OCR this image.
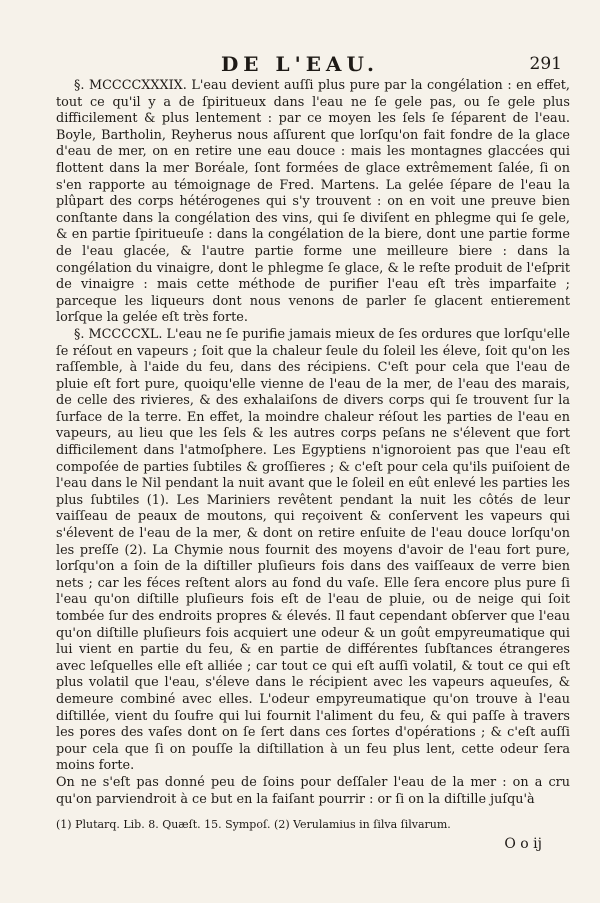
DE L'EAU.	291

§. MCCCCXXXIX. L'eau devient auſſi plus pure par la congélation : en effet, tout ce qu'il y a de ſpiritueux dans l'eau ne ſe gele pas, ou ſe gele plus difficilement & plus lentement : par ce moyen les ſels ſe ſéparent de l'eau. Boyle, Bartholin, Reyherus nous aſſurent que lorſqu'on fait fondre de la glace d'eau de mer, on en retire une eau douce : mais les montagnes glaccées qui flottent dans la mer Boréale, ſont formées de glace extrêmement ſalée, ſi on s'en rapporte au témoignage de Fred. Martens. La gelée ſépare de l'eau la plûpart des corps hétérogenes qui s'y trouvent : on en voit une preuve bien conſtante dans la congélation des vins, qui ſe diviſent en phlegme qui ſe gele, & en partie ſpiritueuſe : dans la congélation de la biere, dont une partie forme de l'eau glacée, & l'autre partie forme une meilleure biere : dans la congélation du vinaigre, dont le phlegme ſe glace, & le reſte produit de l'eſprit de vinaigre : mais cette méthode de purifier l'eau eſt très imparfaite ; parceque les liqueurs dont nous venons de parler ſe glacent entierement lorſque la gelée eſt très forte.

§. MCCCCXL. L'eau ne ſe purifie jamais mieux de ſes ordures que lorſqu'elle ſe réſout en vapeurs ; ſoit que la chaleur ſeule du ſoleil les éleve, ſoit qu'on les raſſemble, à l'aide du feu, dans des récipiens. C'eſt pour cela que l'eau de pluie eſt fort pure, quoiqu'elle vienne de l'eau de la mer, de l'eau des marais, de celle des rivieres, & des exhalaiſons de divers corps qui ſe trouvent ſur la ſurface de la terre. En effet, la moindre chaleur réſout les parties de l'eau en vapeurs, au lieu que les ſels & les autres corps peſans ne s'élevent que fort difficilement dans l'atmoſphere. Les Egyptiens n'ignoroient pas que l'eau eſt compoſée de parties ſubtiles & groſſieres ; & c'eſt pour cela qu'ils puiſoient de l'eau dans le Nil pendant la nuit avant que le ſoleil en eût enlevé les parties les plus ſubtiles (1). Les Mariniers revêtent pendant la nuit les côtés de leur vaiſſeau de peaux de moutons, qui reçoivent & conſervent les vapeurs qui s'élevent de l'eau de la mer, & dont on retire enſuite de l'eau douce lorſqu'on les preſſe (2). La Chymie nous fournit des moyens d'avoir de l'eau fort pure, lorſqu'on a ſoin de la diſtiller pluſieurs fois dans des vaiſſeaux de verre bien nets ; car les féces reſtent alors au fond du vaſe. Elle ſera encore plus pure ſi l'eau qu'on diſtille pluſieurs fois eſt de l'eau de pluie, ou de neige qui ſoit tombée ſur des endroits propres & élevés. Il faut cependant obſerver que l'eau qu'on diſtille pluſieurs fois acquiert une odeur & un goût empyreumatique qui lui vient en partie du feu, & en partie de différentes ſubſtances étrangeres avec leſquelles elle eſt alliée ; car tout ce qui eſt auſſi volatil, & tout ce qui eſt plus volatil que l'eau, s'éleve dans le récipient avec les vapeurs aqueuſes, & demeure combiné avec elles. L'odeur empyreumatique qu'on trouve à l'eau diſtillée, vient du ſoufre qui lui fournit l'aliment du feu, & qui paſſe à travers les pores des vaſes dont on ſe ſert dans ces ſortes d'opérations ; & c'eſt auſſi pour cela que ſi on pouſſe la diſtillation à un feu plus lent, cette odeur ſera moins forte.

On ne s'eſt pas donné peu de ſoins pour deſſaler l'eau de la mer : on a cru qu'on parviendroit à ce but en la faiſant pourrir : or ſi on la diſtille juſqu'à

(1) Plutarq. Lib. 8. Quæſt. 15. Sympoſ. (2) Verulamius in ſilva ſilvarum.
O o ij
